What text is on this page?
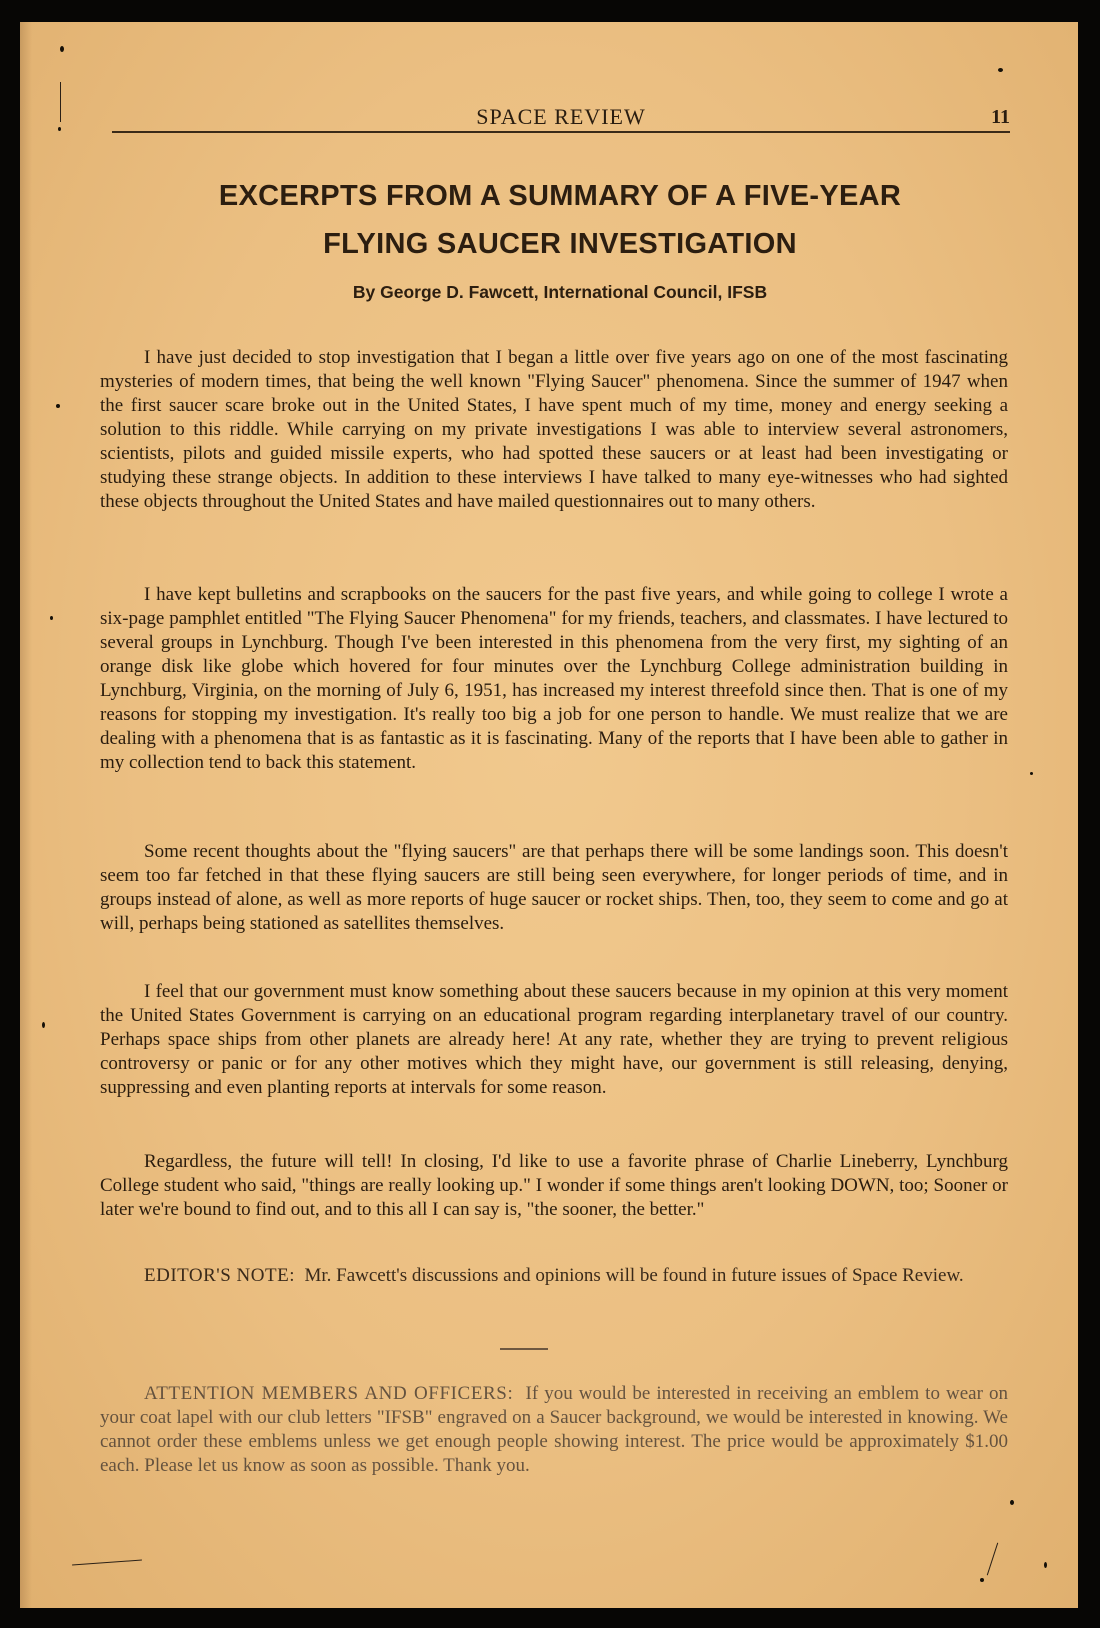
SPACE REVIEW	11
EXCERPTS FROM A SUMMARY OF A FIVE-YEAR
FLYING SAUCER INVESTIGATION
By George D. Fawcett, International Council, IFSB

I have just decided to stop investigation that I began a little over five years ago on one of the most fascinating mysteries of modern times, that being the well known "Flying Saucer" phenomena. Since the summer of 1947 when the first saucer scare broke out in the United States, I have spent much of my time, money and energy seeking a solution to this riddle. While carrying on my private investigations I was able to interview several astronomers, scientists, pilots and guided missile experts, who had spotted these saucers or at least had been investigating or studying these strange objects. In addition to these interviews I have talked to many eye-witnesses who had sighted these objects throughout the United States and have mailed questionnaires out to many others.

I have kept bulletins and scrapbooks on the saucers for the past five years, and while going to college I wrote a six-page pamphlet entitled "The Flying Saucer Phenomena" for my friends, teachers, and classmates. I have lectured to several groups in Lynchburg. Though I've been interested in this phenomena from the very first, my sighting of an orange disk like globe which hovered for four minutes over the Lynchburg College administration building in Lynchburg, Virginia, on the morning of July 6, 1951, has increased my interest threefold since then. That is one of my reasons for stopping my investigation. It's really too big a job for one person to handle. We must realize that we are dealing with a phenomena that is as fantastic as it is fascinating. Many of the reports that I have been able to gather in my collection tend to back this statement.

Some recent thoughts about the "flying saucers" are that perhaps there will be some landings soon. This doesn't seem too far fetched in that these flying saucers are still being seen everywhere, for longer periods of time, and in groups instead of alone, as well as more reports of huge saucer or rocket ships. Then, too, they seem to come and go at will, perhaps being stationed as satellites themselves.

I feel that our government must know something about these saucers because in my opinion at this very moment the United States Government is carrying on an educational program regarding interplanetary travel of our country. Perhaps space ships from other planets are already here! At any rate, whether they are trying to prevent religious controversy or panic or for any other motives which they might have, our government is still releasing, denying, suppressing and even planting reports at intervals for some reason.

Regardless, the future will tell! In closing, I'd like to use a favorite phrase of Charlie Lineberry, Lynchburg College student who said, "things are really looking up." I wonder if some things aren't looking DOWN, too; Sooner or later we're bound to find out, and to this all I can say is, "the sooner, the better."

EDITOR'S NOTE: Mr. Fawcett's discussions and opinions will be found in future issues of Space Review.

ATTENTION MEMBERS AND OFFICERS: If you would be interested in receiving an emblem to wear on your coat lapel with our club letters "IFSB" engraved on a Saucer background, we would be interested in knowing. We cannot order these emblems unless we get enough people showing interest. The price would be approximately $1.00 each. Please let us know as soon as possible. Thank you.
